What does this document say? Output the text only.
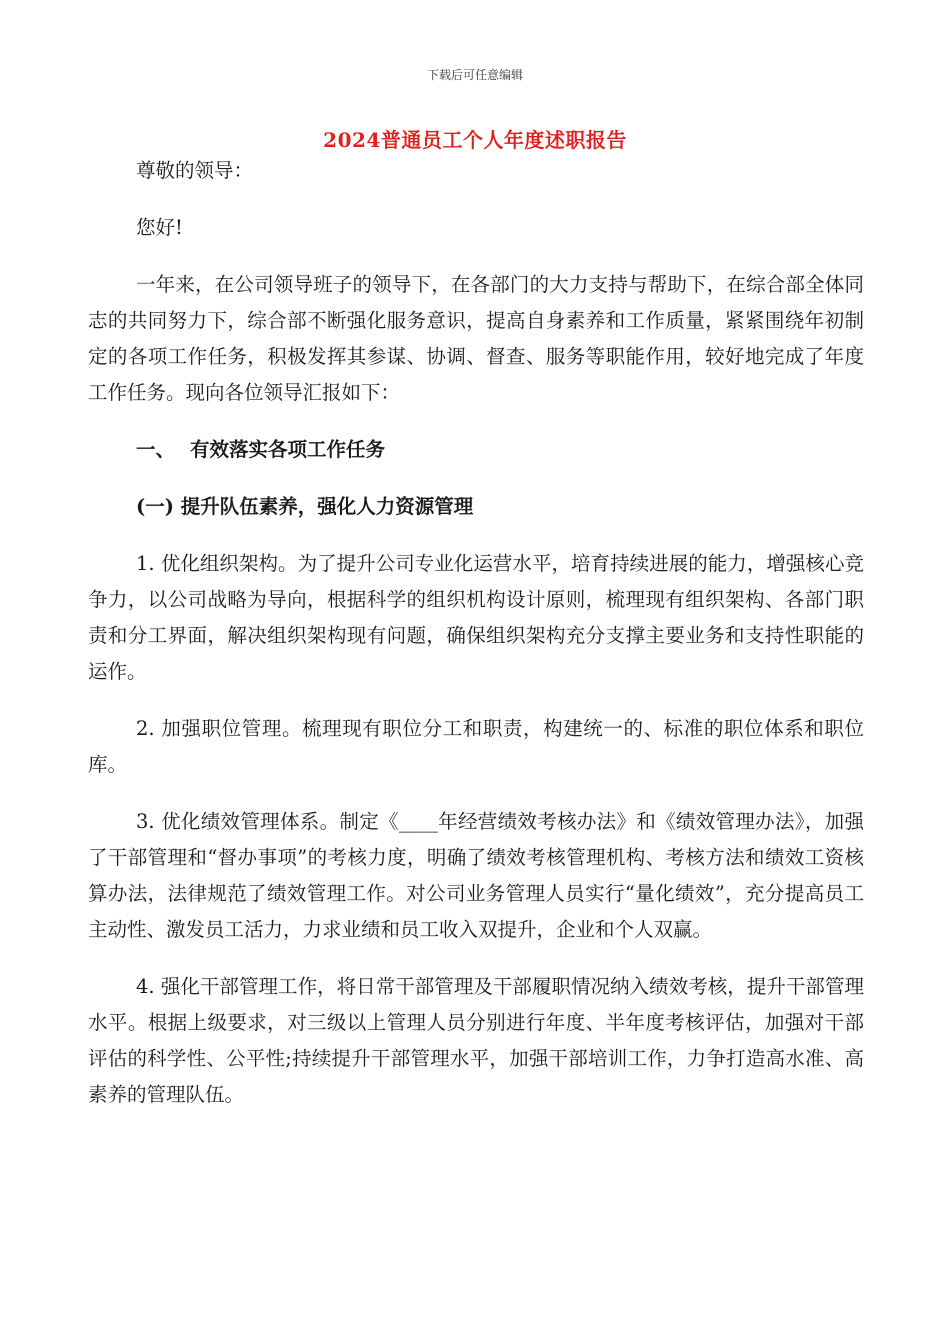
下载后可任意编辑
2024普通员工个人年度述职报告

尊敬的领导：

您好!

一年来，在公司领导班子的领导下，在各部门的大力支持与帮助下，在综合部全体同志的共同努力下，综合部不断强化服务意识，提高自身素养和工作质量，紧紧围绕年初制定的各项工作任务，积极发挥其参谋、协调、督查、服务等职能作用，较好地完成了年度工作任务。现向各位领导汇报如下：

一、 有效落实各项工作任务

(一) 提升队伍素养，强化人力资源管理

1. 优化组织架构。为了提升公司专业化运营水平，培育持续进展的能力，增强核心竞争力，以公司战略为导向，根据科学的组织机构设计原则，梳理现有组织架构、各部门职责和分工界面，解决组织架构现有问题，确保组织架构充分支撑主要业务和支持性职能的运作。

2. 加强职位管理。梳理现有职位分工和职责，构建统一的、标准的职位体系和职位库。

3. 优化绩效管理体系。制定《____年经营绩效考核办法》和《绩效管理办法》，加强了干部管理和“督办事项”的考核力度，明确了绩效考核管理机构、考核方法和绩效工资核算办法，法律规范了绩效管理工作。对公司业务管理人员实行“量化绩效”，充分提高员工主动性、激发员工活力，力求业绩和员工收入双提升，企业和个人双赢。

4. 强化干部管理工作，将日常干部管理及干部履职情况纳入绩效考核，提升干部管理水平。根据上级要求，对三级以上管理人员分别进行年度、半年度考核评估，加强对干部评估的科学性、公平性;持续提升干部管理水平，加强干部培训工作，力争打造高水准、高素养的管理队伍。
